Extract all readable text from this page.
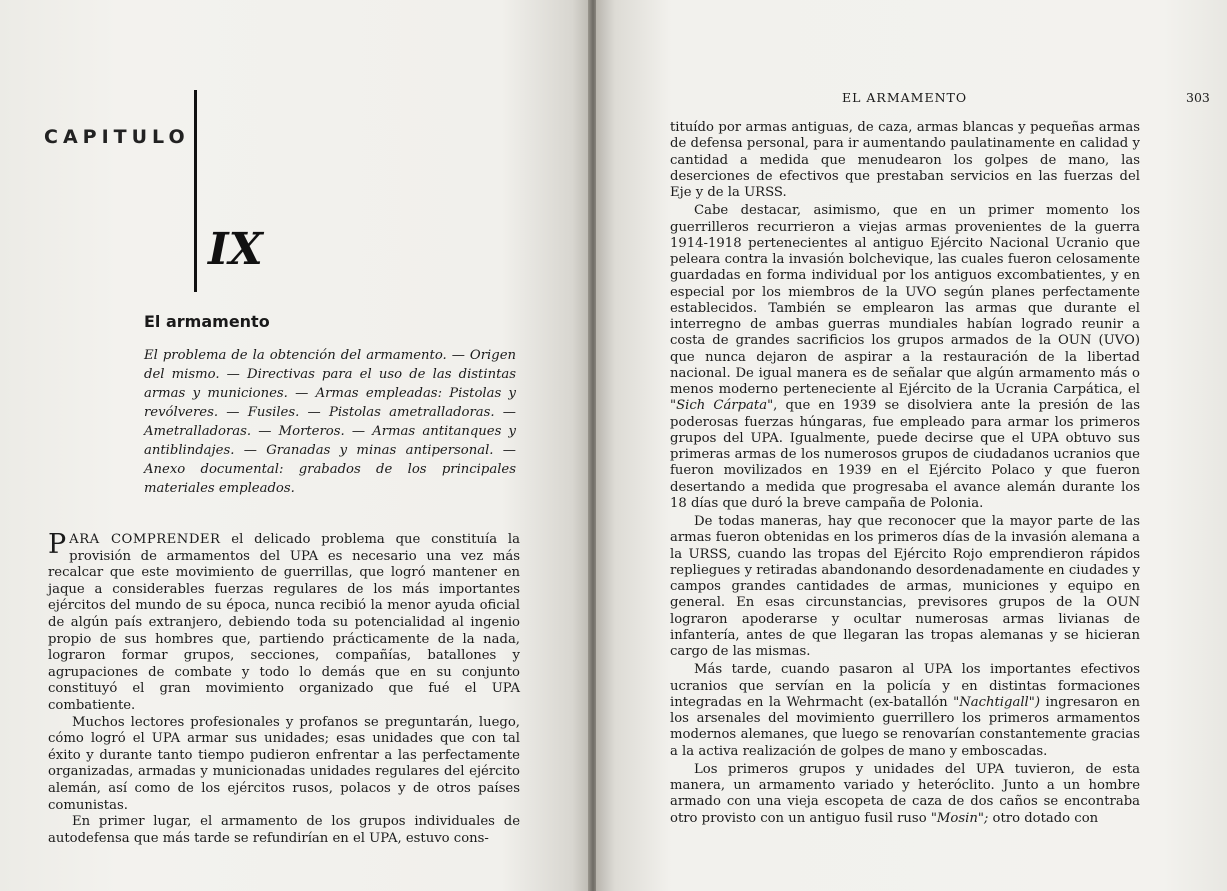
CAPITULO
IX
El armamento
El problema de la obtención del armamento. — Origen del mismo. — Directivas para el uso de las distintas armas y municiones. — Armas empleadas: Pistolas y revólveres. — Fusiles. — Pistolas ametralladoras. — Ametralladoras. — Morteros. — Armas antitanques y antiblindajes. — Granadas y minas antipersonal. — Anexo documental: grabados de los principales materiales empleados.

PARA COMPRENDER el delicado problema que constituía la provisión de armamentos del UPA es necesario una vez más recalcar que este movimiento de guerrillas, que logró mantener en jaque a considerables fuerzas regulares de los más importantes ejércitos del mundo de su época, nunca recibió la menor ayuda oficial de algún país extranjero, debiendo toda su potencialidad al ingenio propio de sus hombres que, partiendo prácticamente de la nada, lograron formar grupos, secciones, compañías, batallones y agrupaciones de combate y todo lo demás que en su conjunto constituyó el gran movimiento organizado que fué el UPA combatiente.

Muchos lectores profesionales y profanos se preguntarán, luego, cómo logró el UPA armar sus unidades; esas unidades que con tal éxito y durante tanto tiempo pudieron enfrentar a las perfectamente organizadas, armadas y municionadas unidades regulares del ejército alemán, así como de los ejércitos rusos, polacos y de otros países comunistas.

En primer lugar, el armamento de los grupos individuales de autodefensa que más tarde se refundirían en el UPA, estuvo cons-

EL ARMAMENTO	303

tituído por armas antiguas, de caza, armas blancas y pequeñas armas de defensa personal, para ir aumentando paulatinamente en calidad y cantidad a medida que menudearon los golpes de mano, las deserciones de efectivos que prestaban servicios en las fuerzas del Eje y de la URSS.

Cabe destacar, asimismo, que en un primer momento los guerrilleros recurrieron a viejas armas provenientes de la guerra 1914-1918 pertenecientes al antiguo Ejército Nacional Ucranio que peleara contra la invasión bolchevique, las cuales fueron celosamente guardadas en forma individual por los antiguos excombatientes, y en especial por los miembros de la UVO según planes perfectamente establecidos. También se emplearon las armas que durante el interregno de ambas guerras mundiales habían logrado reunir a costa de grandes sacrificios los grupos armados de la OUN (UVO) que nunca dejaron de aspirar a la restauración de la libertad nacional. De igual manera es de señalar que algún armamento más o menos moderno perteneciente al Ejército de la Ucrania Carpática, el "Sich Cárpata", que en 1939 se disolviera ante la presión de las poderosas fuerzas húngaras, fue empleado para armar los primeros grupos del UPA. Igualmente, puede decirse que el UPA obtuvo sus primeras armas de los numerosos grupos de ciudadanos ucranios que fueron movilizados en 1939 en el Ejército Polaco y que fueron desertando a medida que progresaba el avance alemán durante los 18 días que duró la breve campaña de Polonia.

De todas maneras, hay que reconocer que la mayor parte de las armas fueron obtenidas en los primeros días de la invasión alemana a la URSS, cuando las tropas del Ejército Rojo emprendieron rápidos repliegues y retiradas abandonando desordenadamente en ciudades y campos grandes cantidades de armas, municiones y equipo en general. En esas circunstancias, previsores grupos de la OUN lograron apoderarse y ocultar numerosas armas livianas de infantería, antes de que llegaran las tropas alemanas y se hicieran cargo de las mismas.

Más tarde, cuando pasaron al UPA los importantes efectivos ucranios que servían en la policía y en distintas formaciones integradas en la Wehrmacht (ex-batallón "Nachtigall") ingresaron en los arsenales del movimiento guerrillero los primeros armamentos modernos alemanes, que luego se renovarían constantemente gracias a la activa realización de golpes de mano y emboscadas.

Los primeros grupos y unidades del UPA tuvieron, de esta manera, un armamento variado y heteróclito. Junto a un hombre armado con una vieja escopeta de caza de dos caños se encontraba otro provisto con un antiguo fusil ruso "Mosin"; otro dotado con
